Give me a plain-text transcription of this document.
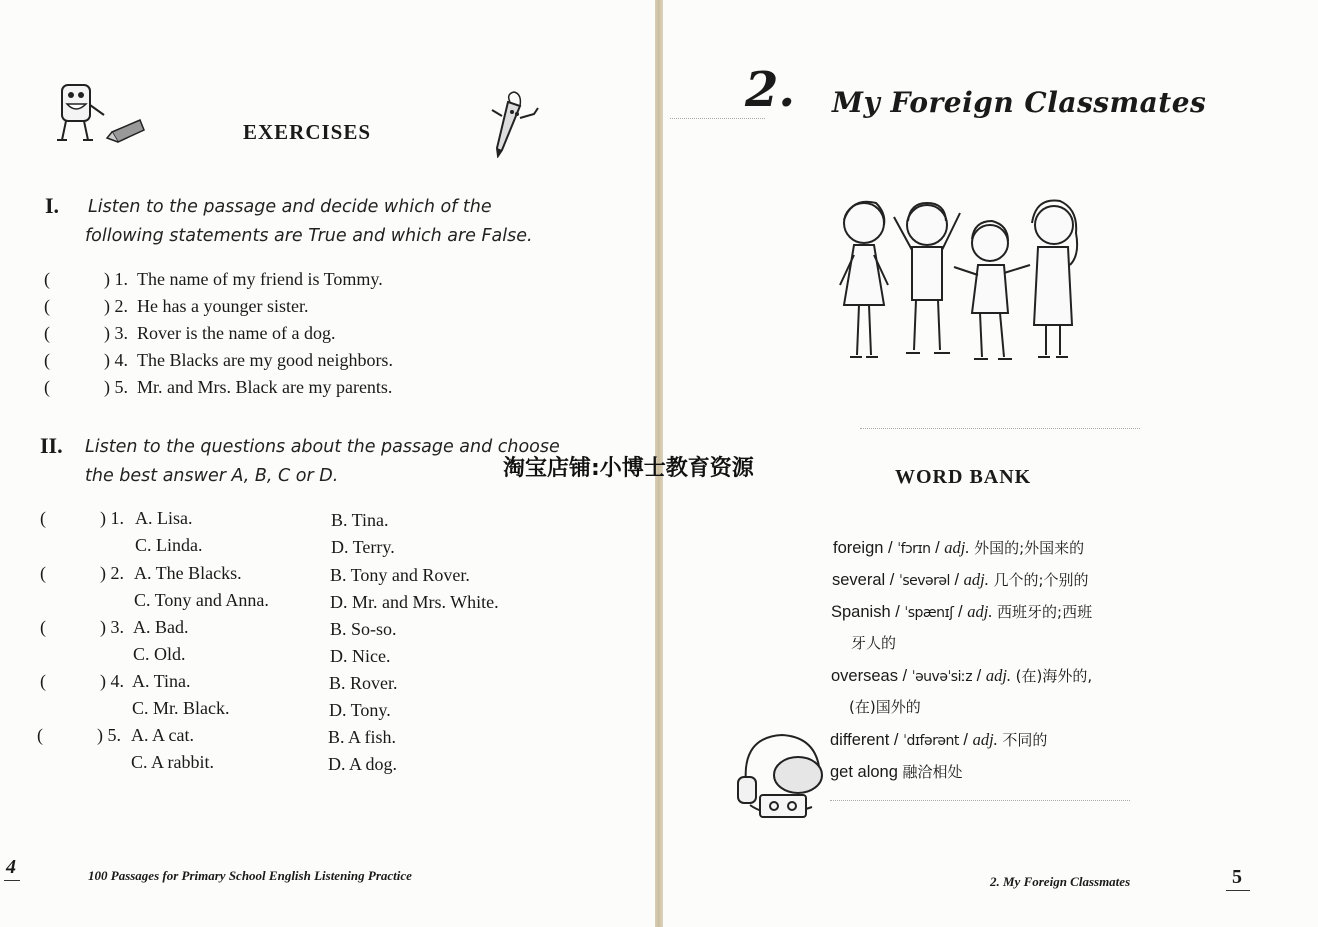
EXERCISES
I. Listen to the passage and decide which of the
following statements are True and which are False.
(	) 1. The name of my friend is Tommy.
(	) 2. He has a younger sister.
(	) 3. Rover is the name of a dog.
(	) 4. The Blacks are my good neighbors.
(	) 5. Mr. and Mrs. Black are my parents.
II. Listen to the questions about the passage and choose
the best answer A, B, C or D.
(	) 1. A. Lisa.	B. Tina.
C. Linda.	D. Terry.
(	) 2. A. The Blacks.	B. Tony and Rover.
C. Tony and Anna.	D. Mr. and Mrs. White.
(	) 3. A. Bad.	B. So-so.
C. Old.	D. Nice.
(	) 4. A. Tina.	B. Rover.
C. Mr. Black.	D. Tony.
(	) 5. A. A cat.	B. A fish.
C. A rabbit.	D. A dog.
4	100 Passages for Primary School English Listening Practice
2. My Foreign Classmates
WORD BANK
foreign / ˈfɔrɪn / adj. 外国的;外国来的
several / ˈsevərəl / adj. 几个的;个别的
Spanish / ˈspænɪʃ / adj. 西班牙的;西班
牙人的
overseas / ˈəuvəˈsiːz / adj. (在)海外的,
(在)国外的
different / ˈdɪfərənt / adj. 不同的
get along 融洽相处
2. My Foreign Classmates	5
淘宝店铺:小博士教育资源
